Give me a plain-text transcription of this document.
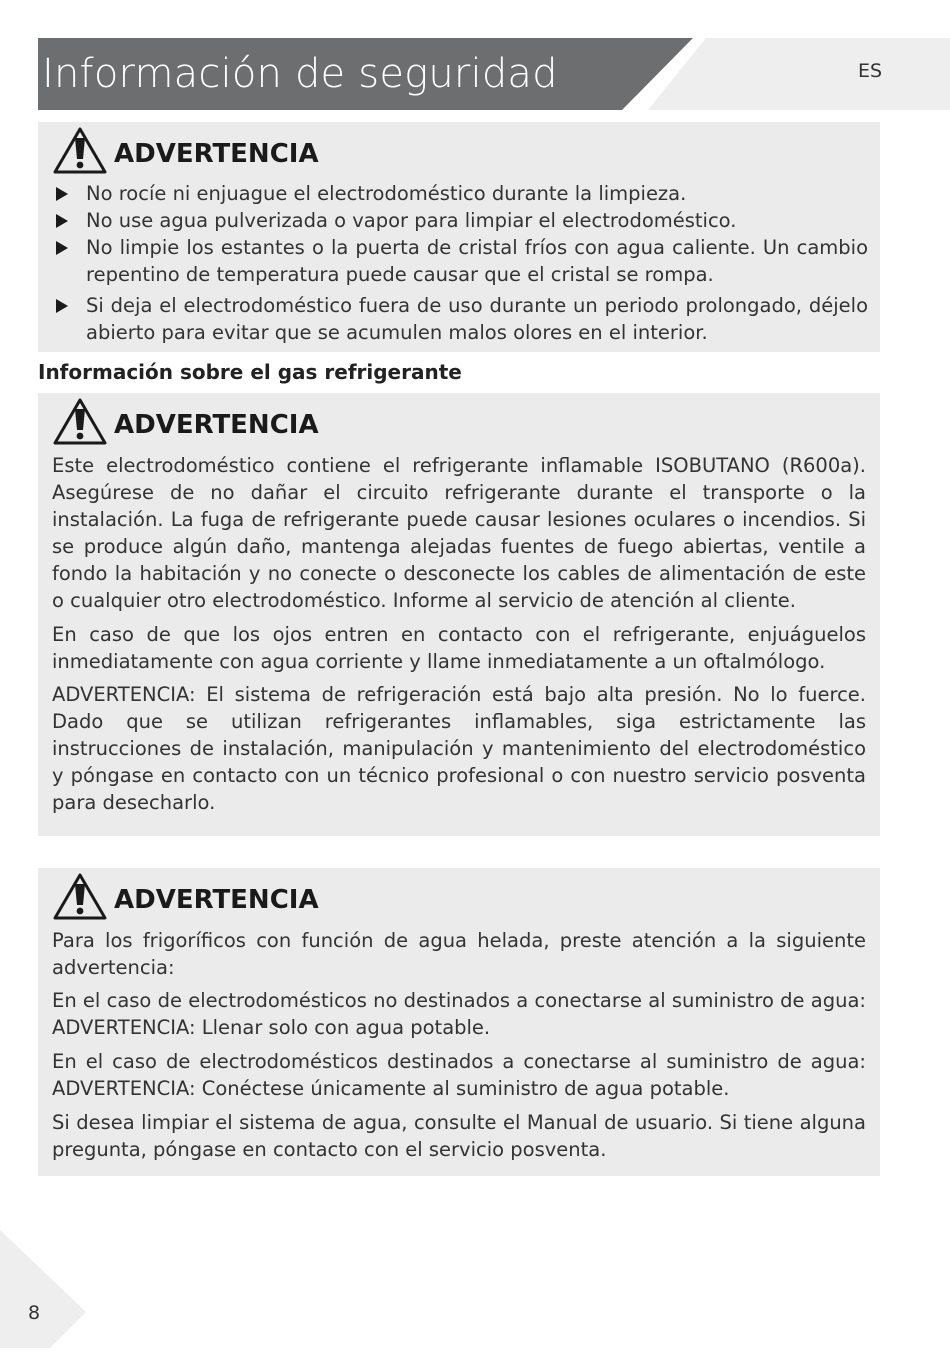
Información de seguridad	ES
ADVERTENCIA
No rocíe ni enjuague el electrodoméstico durante la limpieza.
No use agua pulverizada o vapor para limpiar el electrodoméstico.
No limpie los estantes o la puerta de cristal fríos con agua caliente. Un cambio repentino de temperatura puede causar que el cristal se rompa.
Si deja el electrodoméstico fuera de uso durante un periodo prolongado, déjelo abierto para evitar que se acumulen malos olores en el interior.
Información sobre el gas refrigerante
ADVERTENCIA

Este electrodoméstico contiene el refrigerante inflamable ISOBUTANO (R600a). Asegúrese de no dañar el circuito refrigerante durante el transporte o la instalación. La fuga de refrigerante puede causar lesiones oculares o incendios. Si se produce algún daño, mantenga alejadas fuentes de fuego abiertas, ventile a fondo la habitación y no conecte o desconecte los cables de alimentación de este o cualquier otro electrodoméstico. Informe al servicio de atención al cliente.

En caso de que los ojos entren en contacto con el refrigerante, enjuáguelos inmediatamente con agua corriente y llame inmediatamente a un oftalmólogo.

ADVERTENCIA: El sistema de refrigeración está bajo alta presión. No lo fuerce. Dado que se utilizan refrigerantes inflamables, siga estrictamente las instrucciones de instalación, manipulación y mantenimiento del electrodoméstico y póngase en contacto con un técnico profesional o con nuestro servicio posventa para desecharlo.

ADVERTENCIA

Para los frigoríficos con función de agua helada, preste atención a la siguiente advertencia:

En el caso de electrodomésticos no destinados a conectarse al suministro de agua: ADVERTENCIA: Llenar solo con agua potable.

En el caso de electrodomésticos destinados a conectarse al suministro de agua: ADVERTENCIA: Conéctese únicamente al suministro de agua potable.

Si desea limpiar el sistema de agua, consulte el Manual de usuario. Si tiene alguna pregunta, póngase en contacto con el servicio posventa.

8
